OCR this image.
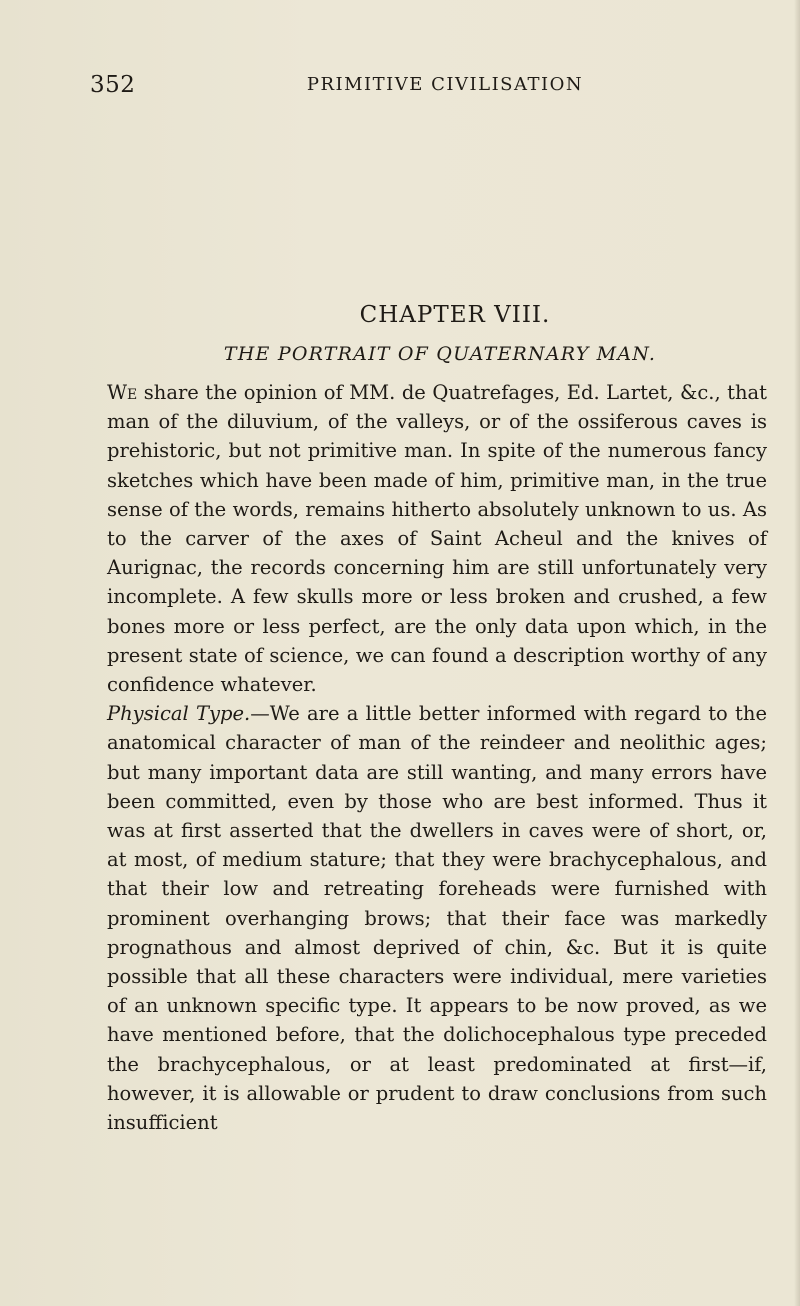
352	PRIMITIVE CIVILISATION
CHAPTER VIII.
THE PORTRAIT OF QUATERNARY MAN.

We share the opinion of MM. de Quatrefages, Ed. Lartet, &c., that man of the diluvium, of the valleys, or of the ossiferous caves is prehistoric, but not primitive man. In spite of the numerous fancy sketches which have been made of him, primitive man, in the true sense of the words, remains hitherto absolutely unknown to us. As to the carver of the axes of Saint Acheul and the knives of Aurignac, the records concerning him are still unfortunately very incomplete. A few skulls more or less broken and crushed, a few bones more or less perfect, are the only data upon which, in the present state of science, we can found a description worthy of any confidence whatever.

Physical Type.—We are a little better informed with regard to the anatomical character of man of the reindeer and neolithic ages; but many important data are still wanting, and many errors have been committed, even by those who are best informed. Thus it was at first asserted that the dwellers in caves were of short, or, at most, of medium stature; that they were brachycephalous, and that their low and retreating foreheads were furnished with prominent overhanging brows; that their face was markedly prognathous and almost deprived of chin, &c. But it is quite possible that all these characters were individual, mere varieties of an unknown specific type. It appears to be now proved, as we have mentioned before, that the dolichocephalous type preceded the brachycephalous, or at least predominated at first—if, however, it is allowable or prudent to draw conclusions from such insufficient
